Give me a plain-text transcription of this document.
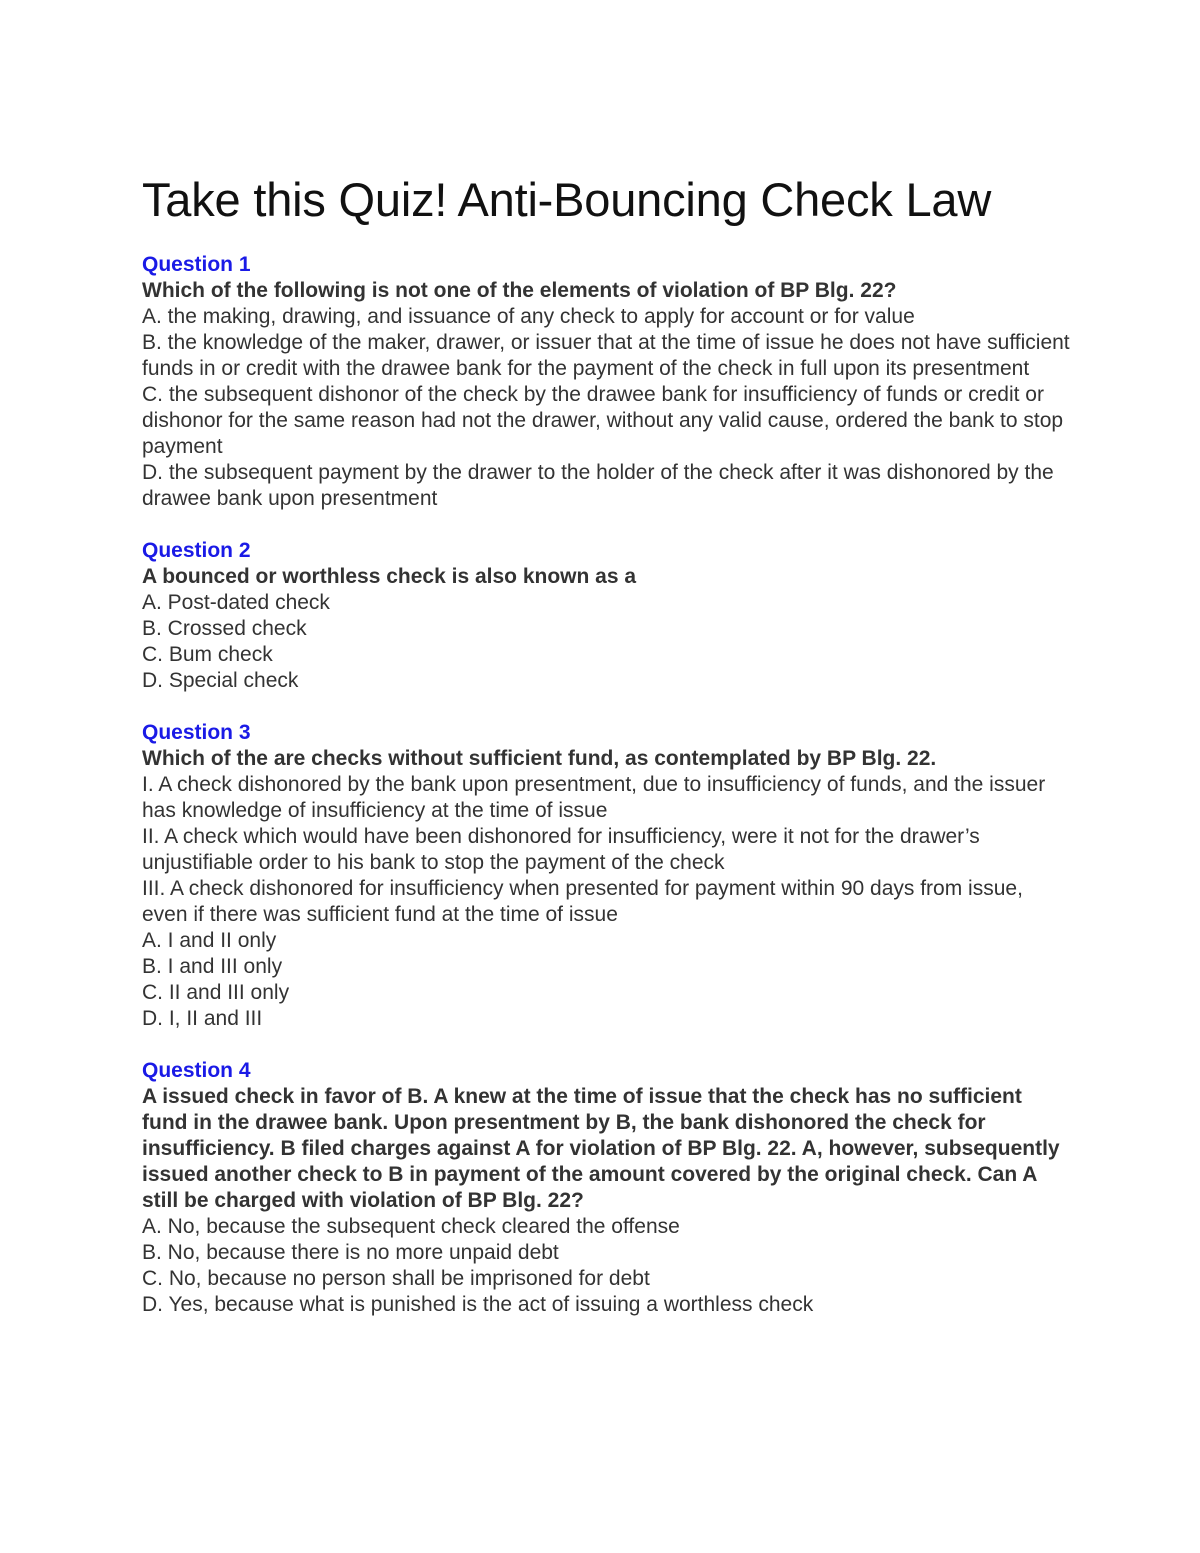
Take this Quiz! Anti-Bouncing Check Law
Question 1
Which of the following is not one of the elements of violation of BP Blg. 22?
A. the making, drawing, and issuance of any check to apply for account or for value
B. the knowledge of the maker, drawer, or issuer that at the time of issue he does not have sufficient funds in or credit with the drawee bank for the payment of the check in full upon its presentment
C. the subsequent dishonor of the check by the drawee bank for insufficiency of funds or credit or dishonor for the same reason had not the drawer, without any valid cause, ordered the bank to stop payment
D. the subsequent payment by the drawer to the holder of the check after it was dishonored by the drawee bank upon presentment
Question 2
A bounced or worthless check is also known as a
A. Post-dated check
B. Crossed check
C. Bum check
D. Special check
Question 3
Which of the are checks without sufficient fund, as contemplated by BP Blg. 22.
I. A check dishonored by the bank upon presentment, due to insufficiency of funds, and the issuer has knowledge of insufficiency at the time of issue
II. A check which would have been dishonored for insufficiency, were it not for the drawer’s unjustifiable order to his bank to stop the payment of the check
III. A check dishonored for insufficiency when presented for payment within 90 days from issue, even if there was sufficient fund at the time of issue
A. I and II only
B. I and III only
C. II and III only
D. I, II and III
Question 4
A issued check in favor of B. A knew at the time of issue that the check has no sufficient fund in the drawee bank. Upon presentment by B, the bank dishonored the check for insufficiency. B filed charges against A for violation of BP Blg. 22. A, however, subsequently issued another check to B in payment of the amount covered by the original check. Can A still be charged with violation of BP Blg. 22?
A. No, because the subsequent check cleared the offense
B. No, because there is no more unpaid debt
C. No, because no person shall be imprisoned for debt
D. Yes, because what is punished is the act of issuing a worthless check
